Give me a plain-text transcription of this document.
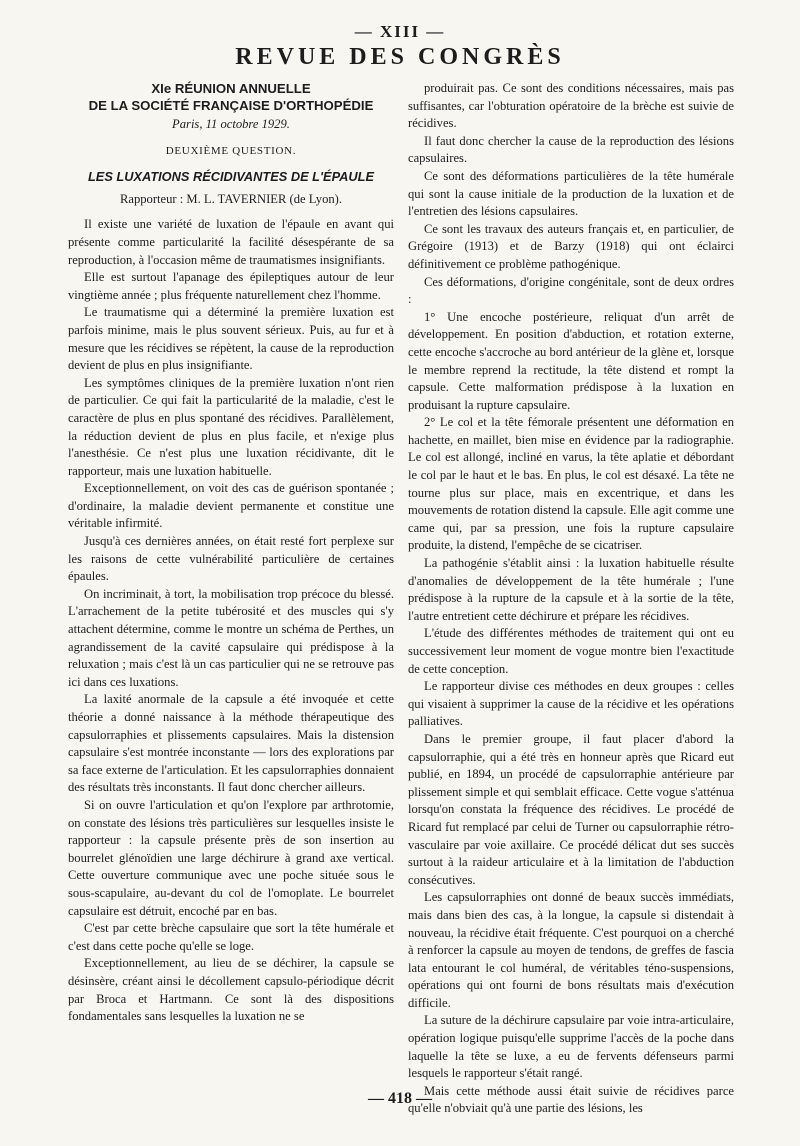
— XIII —
REVUE DES CONGRÈS
XIe RÉUNION ANNUELLE
DE LA SOCIÉTÉ FRANÇAISE D'ORTHOPÉDIE
Paris, 11 octobre 1929.
DEUXIÈME QUESTION.
LES LUXATIONS RÉCIDIVANTES DE L'ÉPAULE
Rapporteur : M. L. TAVERNIER (de Lyon).

Il existe une variété de luxation de l'épaule en avant qui présente comme particularité la facilité désespérante de sa reproduction, à l'occasion même de traumatismes insignifiants.

Elle est surtout l'apanage des épileptiques autour de leur vingtième année ; plus fréquente naturellement chez l'homme.

Le traumatisme qui a déterminé la première luxation est parfois minime, mais le plus souvent sérieux. Puis, au fur et à mesure que les récidives se répètent, la cause de la reproduction devient de plus en plus insignifiante.

Les symptômes cliniques de la première luxation n'ont rien de particulier. Ce qui fait la particularité de la maladie, c'est le caractère de plus en plus spontané des récidives. Parallèlement, la réduction devient de plus en plus facile, et n'exige plus l'anesthésie. Ce n'est plus une luxation récidivante, dit le rapporteur, mais une luxation habituelle.

Exceptionnellement, on voit des cas de guérison spontanée ; d'ordinaire, la maladie devient permanente et constitue une véritable infirmité.

Jusqu'à ces dernières années, on était resté fort perplexe sur les raisons de cette vulnérabilité particulière de certaines épaules.

On incriminait, à tort, la mobilisation trop précoce du blessé. L'arrachement de la petite tubérosité et des muscles qui s'y attachent détermine, comme le montre un schéma de Perthes, un agrandissement de la cavité capsulaire qui prédispose à la reluxation ; mais c'est là un cas particulier qui ne se retrouve pas ici dans ces luxations.

La laxité anormale de la capsule a été invoquée et cette théorie a donné naissance à la méthode thérapeutique des capsulorraphies et plissements capsulaires. Mais la distension capsulaire s'est montrée inconstante — lors des explorations par sa face externe de l'articulation. Et les capsulorraphies donnaient des résultats très inconstants. Il faut donc chercher ailleurs.

Si on ouvre l'articulation et qu'on l'explore par arthrotomie, on constate des lésions très particulières sur lesquelles insiste le rapporteur : la capsule présente près de son insertion au bourrelet glénoïdien une large déchirure à grand axe vertical. Cette ouverture communique avec une poche située sous le sous-scapulaire, au-devant du col de l'omoplate. Le bourrelet capsulaire est détruit, encoché par en bas.

C'est par cette brèche capsulaire que sort la tête humérale et c'est dans cette poche qu'elle se loge.

Exceptionnellement, au lieu de se déchirer, la capsule se désinsère, créant ainsi le décollement capsulo-périodique décrit par Broca et Hartmann. Ce sont là des dispositions fondamentales sans lesquelles la luxation ne se

produirait pas. Ce sont des conditions nécessaires, mais pas suffisantes, car l'obturation opératoire de la brèche est suivie de récidives.

Il faut donc chercher la cause de la reproduction des lésions capsulaires.

Ce sont des déformations particulières de la tête humérale qui sont la cause initiale de la production de la luxation et de l'entretien des lésions capsulaires.

Ce sont les travaux des auteurs français et, en particulier, de Grégoire (1913) et de Barzy (1918) qui ont éclairci définitivement ce problème pathogénique.

Ces déformations, d'origine congénitale, sont de deux ordres :

1° Une encoche postérieure, reliquat d'un arrêt de développement. En position d'abduction, et rotation externe, cette encoche s'accroche au bord antérieur de la glène et, lorsque le membre reprend la rectitude, la tête distend et rompt la capsule. Cette malformation prédispose à la luxation en produisant la rupture capsulaire.

2° Le col et la tête fémorale présentent une déformation en hachette, en maillet, bien mise en évidence par la radiographie. Le col est allongé, incliné en varus, la tête aplatie et débordant le col par le haut et le bas. En plus, le col est désaxé. La tête ne tourne plus sur place, mais en excentrique, et dans les mouvements de rotation distend la capsule. Elle agit comme une came qui, par sa pression, une fois la rupture capsulaire produite, la distend, l'empêche de se cicatriser.

La pathogénie s'établit ainsi : la luxation habituelle résulte d'anomalies de développement de la tête humérale ; l'une prédispose à la rupture de la capsule et à la sortie de la tête, l'autre entretient cette déchirure et prépare les récidives.

L'étude des différentes méthodes de traitement qui ont eu successivement leur moment de vogue montre bien l'exactitude de cette conception.

Le rapporteur divise ces méthodes en deux groupes : celles qui visaient à supprimer la cause de la récidive et les opérations palliatives.

Dans le premier groupe, il faut placer d'abord la capsulorraphie, qui a été très en honneur après que Ricard eut publié, en 1894, un procédé de capsulorraphie antérieure par plissement simple et qui semblait efficace. Cette vogue s'atténua lorsqu'on constata la fréquence des récidives. Le procédé de Ricard fut remplacé par celui de Turner ou capsulorraphie rétro-vasculaire par voie axillaire. Ce procédé délicat dut ses succès surtout à la raideur articulaire et à la limitation de l'abduction consécutives.

Les capsulorraphies ont donné de beaux succès immédiats, mais dans bien des cas, à la longue, la capsule si distendait à nouveau, la récidive était fréquente. C'est pourquoi on a cherché à renforcer la capsule au moyen de tendons, de greffes de fascia lata entourant le col huméral, de véritables téno-suspensions, opérations qui ont fourni de bons résultats mais d'exécution difficile.

La suture de la déchirure capsulaire par voie intra-articulaire, opération logique puisqu'elle supprime l'accès de la poche dans laquelle la tête se luxe, a eu de fervents défenseurs parmi lesquels le rapporteur s'était rangé.

Mais cette méthode aussi était suivie de récidives parce qu'elle n'obviait qu'à une partie des lésions, les

— 418 —
